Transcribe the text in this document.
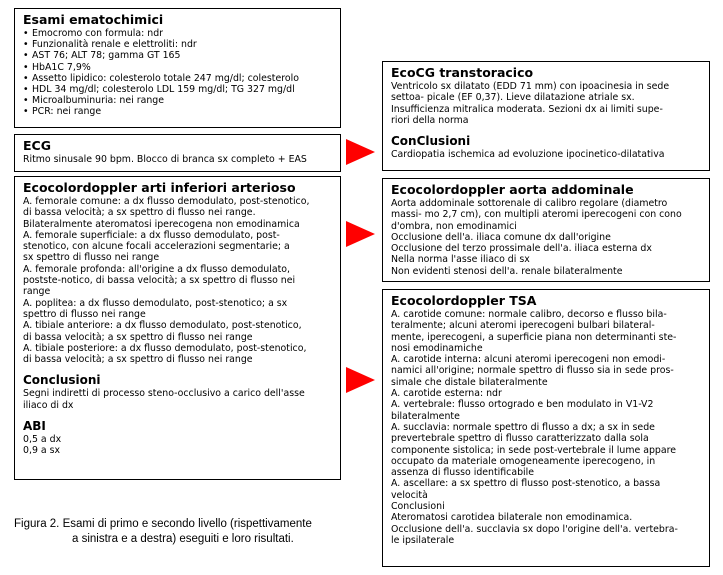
Esami ematochimici
• Emocromo con formula: ndr
• Funzionalità renale e elettroliti: ndr
• AST 76; ALT 78; gamma GT 165
• HbA1C 7,9%
• Assetto lipidico: colesterolo totale 247 mg/dl; colesterolo
• HDL 34 mg/dl; colesterolo LDL 159 mg/dl; TG 327 mg/dl
• Microalbuminuria: nei range
• PCR: nei range
ECG
Ritmo sinusale 90 bpm. Blocco di branca sx completo + EAS
Ecocolordoppler arti inferiori arterioso
A. femorale comune: a dx flusso demodulato, post-stenotico,
di bassa velocità; a sx spettro di flusso nei range.
Bilateralmente ateromatosi iperecogena non emodinamica
A. femorale superficiale: a dx flusso demodulato, post-
stenotico, con alcune focali accelerazioni segmentarie; a
sx spettro di flusso nei range
A. femorale profonda: all'origine a dx flusso demodulato,
postste-notico, di bassa velocità; a sx spettro di flusso nei
range
A. poplitea: a dx flusso demodulato, post-stenotico; a sx
spettro di flusso nei range
A. tibiale anteriore: a dx flusso demodulato, post-stenotico,
di bassa velocità; a sx spettro di flusso nei range
A. tibiale posteriore: a dx flusso demodulato, post-stenotico,
di bassa velocità; a sx spettro di flusso nei range
Conclusioni
Segni indiretti di processo steno-occlusivo a carico dell'asse
iliaco di dx
ABI
0,5 a dx
0,9 a sx
EcoCG transtoracico
Ventricolo sx dilatato (EDD 71 mm) con ipoacinesia in sede
settoa- picale (EF 0,37). Lieve dilatazione atriale sx.
Insufficienza mitralica moderata. Sezioni dx ai limiti supe-
riori della norma
ConClusioni
Cardiopatia ischemica ad evoluzione ipocinetico-dilatativa
Ecocolordoppler aorta addominale
Aorta addominale sottorenale di calibro regolare (diametro
massi- mo 2,7 cm), con multipli ateromi iperecogeni con cono
d'ombra, non emodinamici
Occlusione dell'a. iliaca comune dx dall'origine
Occlusione del terzo prossimale dell'a. iliaca esterna dx
Nella norma l'asse iliaco di sx
Non evidenti stenosi dell'a. renale bilateralmente
Ecocolordoppler TSA
A. carotide comune: normale calibro, decorso e flusso bila-
teralmente; alcuni ateromi iperecogeni bulbari bilateral-
mente, iperecogeni, a superficie piana non determinanti ste-
nosi emodinamiche
A. carotide interna: alcuni ateromi iperecogeni non emodi-
namici all'origine; normale spettro di flusso sia in sede pros-
simale che distale bilateralmente
A. carotide esterna: ndr
A. vertebrale: flusso ortogrado e ben modulato in V1-V2
bilateralmente
A. succlavia: normale spettro di flusso a dx; a sx in sede
prevertebrale spettro di flusso caratterizzato dalla sola
componente sistolica; in sede post-vertebrale il lume appare
occupato da materiale omogeneamente iperecogeno, in
assenza di flusso identificabile
A. ascellare: a sx spettro di flusso post-stenotico, a bassa
velocità
Conclusioni
Ateromatosi carotidea bilaterale non emodinamica.
Occlusione dell'a. succlavia sx dopo l'origine dell'a. vertebra-
le ipsilaterale
Figura 2. Esami di primo e secondo livello (rispettivamente
a sinistra e a destra) eseguiti e loro risultati.
